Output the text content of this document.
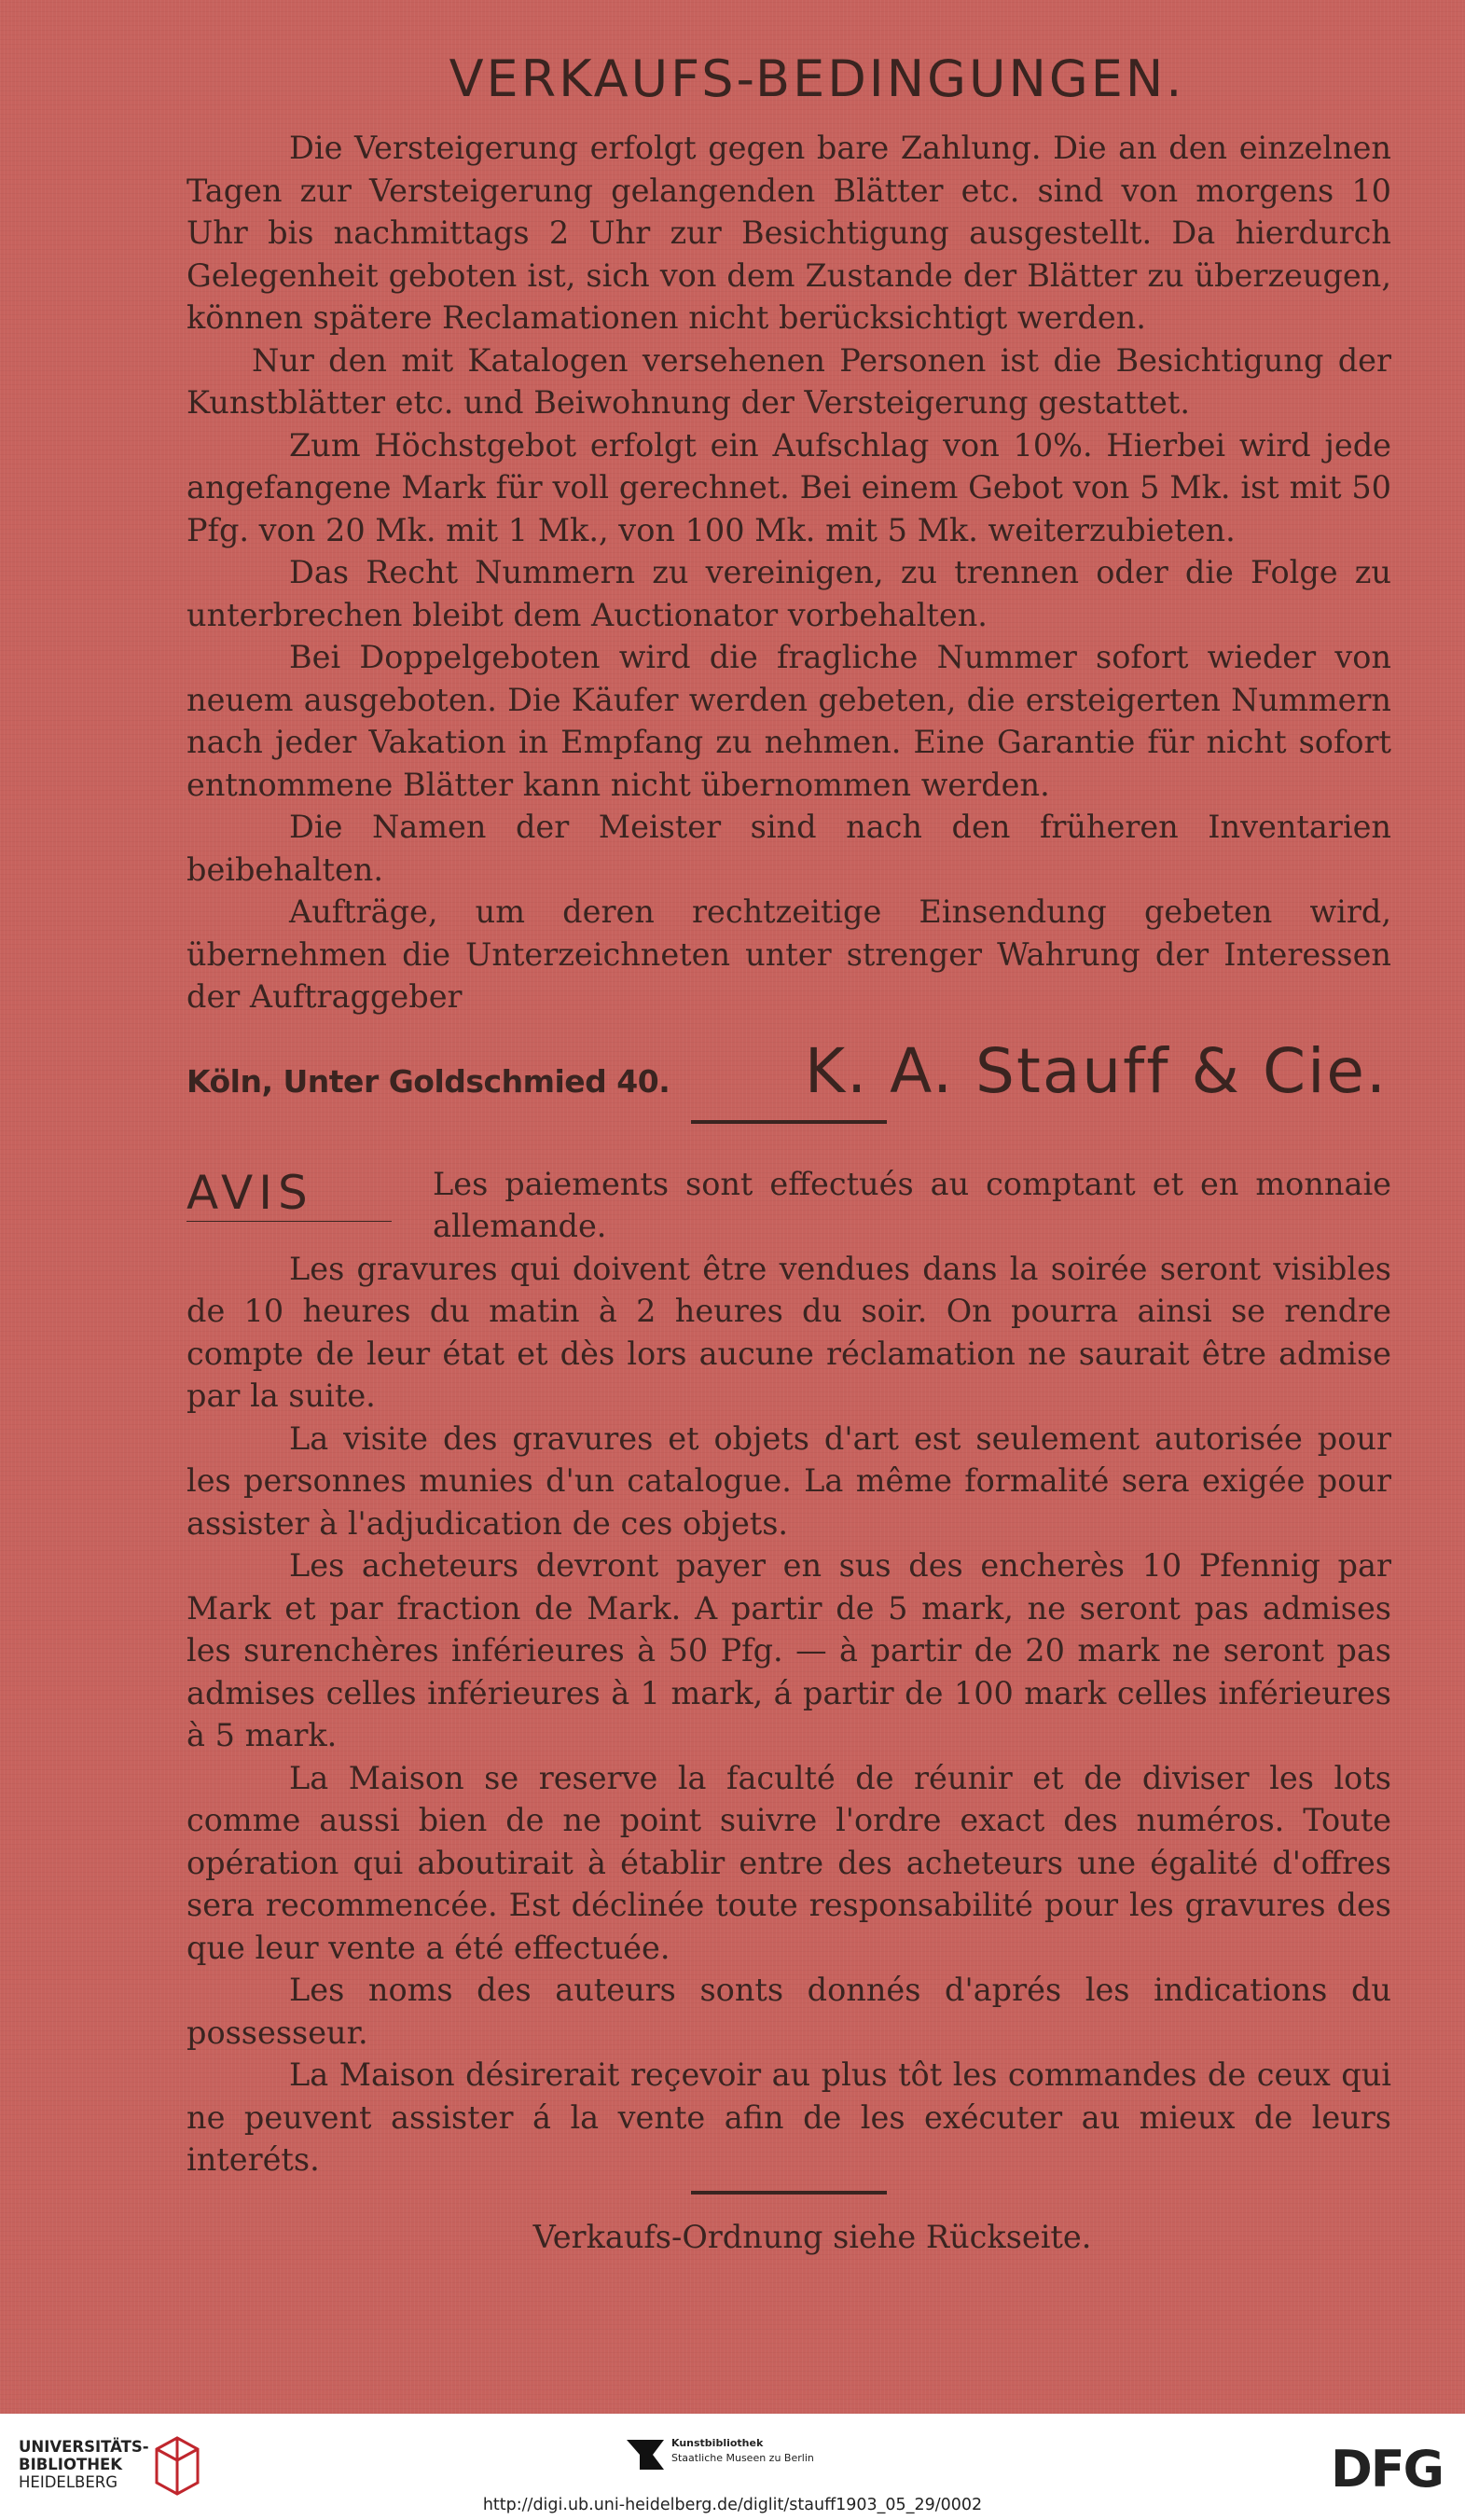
VERKAUFS-BEDINGUNGEN.

Die Versteigerung erfolgt gegen bare Zahlung. Die an den einzelnen Tagen zur Versteigerung gelangenden Blätter etc. sind von morgens 10 Uhr bis nachmittags 2 Uhr zur Besichtigung ausgestellt. Da hierdurch Gelegenheit geboten ist, sich von dem Zustande der Blätter zu überzeugen, können spätere Reclamationen nicht berücksichtigt werden.

Nur den mit Katalogen versehenen Personen ist die Besichtigung der Kunstblätter etc. und Beiwohnung der Versteigerung gestattet.

Zum Höchstgebot erfolgt ein Aufschlag von 10%. Hierbei wird jede angefangene Mark für voll gerechnet. Bei einem Gebot von 5 Mk. ist mit 50 Pfg. von 20 Mk. mit 1 Mk., von 100 Mk. mit 5 Mk. weiterzubieten.

Das Recht Nummern zu vereinigen, zu trennen oder die Folge zu unterbrechen bleibt dem Auctionator vorbehalten.

Bei Doppelgeboten wird die fragliche Nummer sofort wieder von neuem ausgeboten. Die Käufer werden gebeten, die ersteigerten Nummern nach jeder Vakation in Empfang zu nehmen. Eine Garantie für nicht sofort entnommene Blätter kann nicht übernommen werden.

Die Namen der Meister sind nach den früheren Inventarien beibehalten.

Aufträge, um deren rechtzeitige Einsendung gebeten wird, übernehmen die Unterzeichneten unter strenger Wahrung der Interessen der Auftraggeber

Köln, Unter Goldschmied 40. K. A. Stauff & Cie.
AVIS	Les paiements sont effectués au comptant et en monnaie allemande.

Les gravures qui doivent être vendues dans la soirée seront visibles de 10 heures du matin à 2 heures du soir. On pourra ainsi se rendre compte de leur état et dès lors aucune réclamation ne saurait être admise par la suite.

La visite des gravures et objets d'art est seulement autorisée pour les personnes munies d'un catalogue. La même formalité sera exigée pour assister à l'adjudication de ces objets.

Les acheteurs devront payer en sus des encherès 10 Pfennig par Mark et par fraction de Mark. A partir de 5 mark, ne seront pas admises les surenchères inférieures à 50 Pfg. — à partir de 20 mark ne seront pas admises celles inférieures à 1 mark, á partir de 100 mark celles inférieures à 5 mark.

La Maison se reserve la faculté de réunir et de diviser les lots comme aussi bien de ne point suivre l'ordre exact des numéros. Toute opération qui aboutirait à établir entre des acheteurs une égalité d'offres sera recommencée. Est déclinée toute responsabilité pour les gravures des que leur vente a été effectuée.

Les noms des auteurs sonts donnés d'aprés les indications du possesseur.

La Maison désirerait reçevoir au plus tôt les commandes de ceux qui ne peuvent assister á la vente afin de les exécuter au mieux de leurs interéts.

Verkaufs-Ordnung siehe Rückseite.
UNIVERSITÄTS-
BIBLIOTHEK
HEIDELBERG
Kunstbibliothek
Staatliche Museen zu Berlin	DFG
http://digi.ub.uni-heidelberg.de/diglit/stauff1903_05_29/0002
